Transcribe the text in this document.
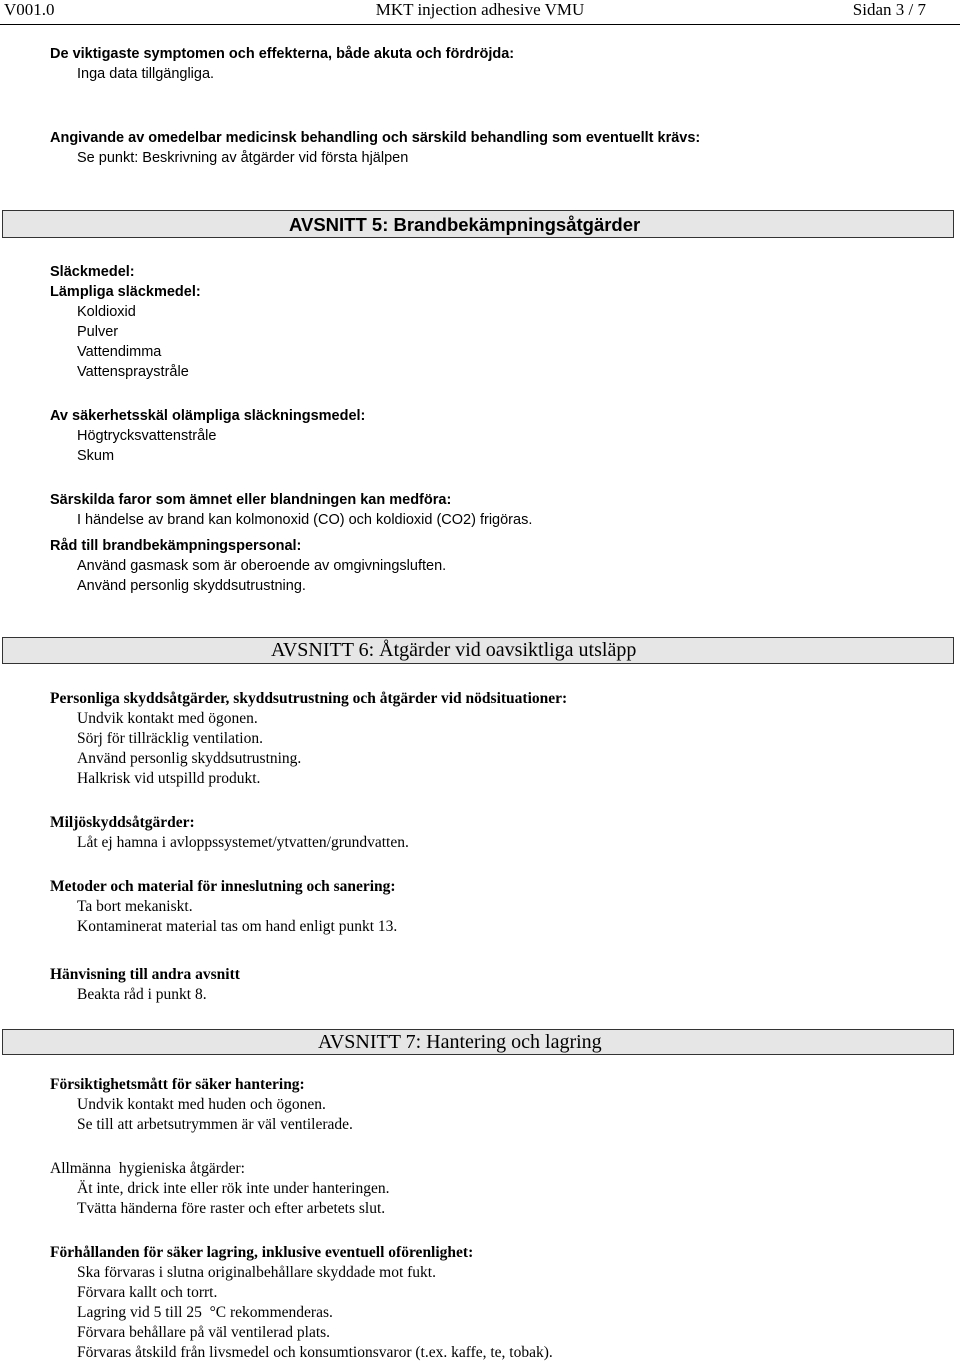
V001.0	MKT injection adhesive VMU	Sidan 3 / 7
De viktigaste symptomen och effekterna, både akuta och fördröjda:
Inga data tillgängliga.
Angivande av omedelbar medicinsk behandling och särskild behandling som eventuellt krävs:
Se punkt: Beskrivning av åtgärder vid första hjälpen
AVSNITT 5: Brandbekämpningsåtgärder
Släckmedel:
Lämpliga släckmedel:
Koldioxid
Pulver
Vattendimma
Vattenspraystråle
Av säkerhetsskäl olämpliga släckningsmedel:
Högtrycksvattenstråle
Skum
Särskilda faror som ämnet eller blandningen kan medföra:
I händelse av brand kan kolmonoxid (CO) och koldioxid (CO2) frigöras.
Råd till brandbekämpningspersonal:
Använd gasmask som är oberoende av omgivningsluften.
Använd personlig skyddsutrustning.
AVSNITT 6: Åtgärder vid oavsiktliga utsläpp
Personliga skyddsåtgärder, skyddsutrustning och åtgärder vid nödsituationer:
Undvik kontakt med ögonen.
Sörj för tillräcklig ventilation.
Använd personlig skyddsutrustning.
Halkrisk vid utspilld produkt.
Miljöskyddsåtgärder:
Låt ej hamna i avloppssystemet/ytvatten/grundvatten.
Metoder och material för inneslutning och sanering:
Ta bort mekaniskt.
Kontaminerat material tas om hand enligt punkt 13.
Hänvisning till andra avsnitt
Beakta råd i punkt 8.
AVSNITT 7: Hantering och lagring
Försiktighetsmått för säker hantering:
Undvik kontakt med huden och ögonen.
Se till att arbetsutrymmen är väl ventilerade.
Allmänna  hygieniska åtgärder:
Ät inte, drick inte eller rök inte under hanteringen.
Tvätta händerna före raster och efter arbetets slut.
Förhållanden för säker lagring, inklusive eventuell oförenlighet:
Ska förvaras i slutna originalbehållare skyddade mot fukt.
Förvara kallt och torrt.
Lagring vid 5 till 25  °C rekommenderas.
Förvara behållare på väl ventilerad plats.
Förvaras åtskild från livsmedel och konsumtionsvaror (t.ex. kaffe, te, tobak).
